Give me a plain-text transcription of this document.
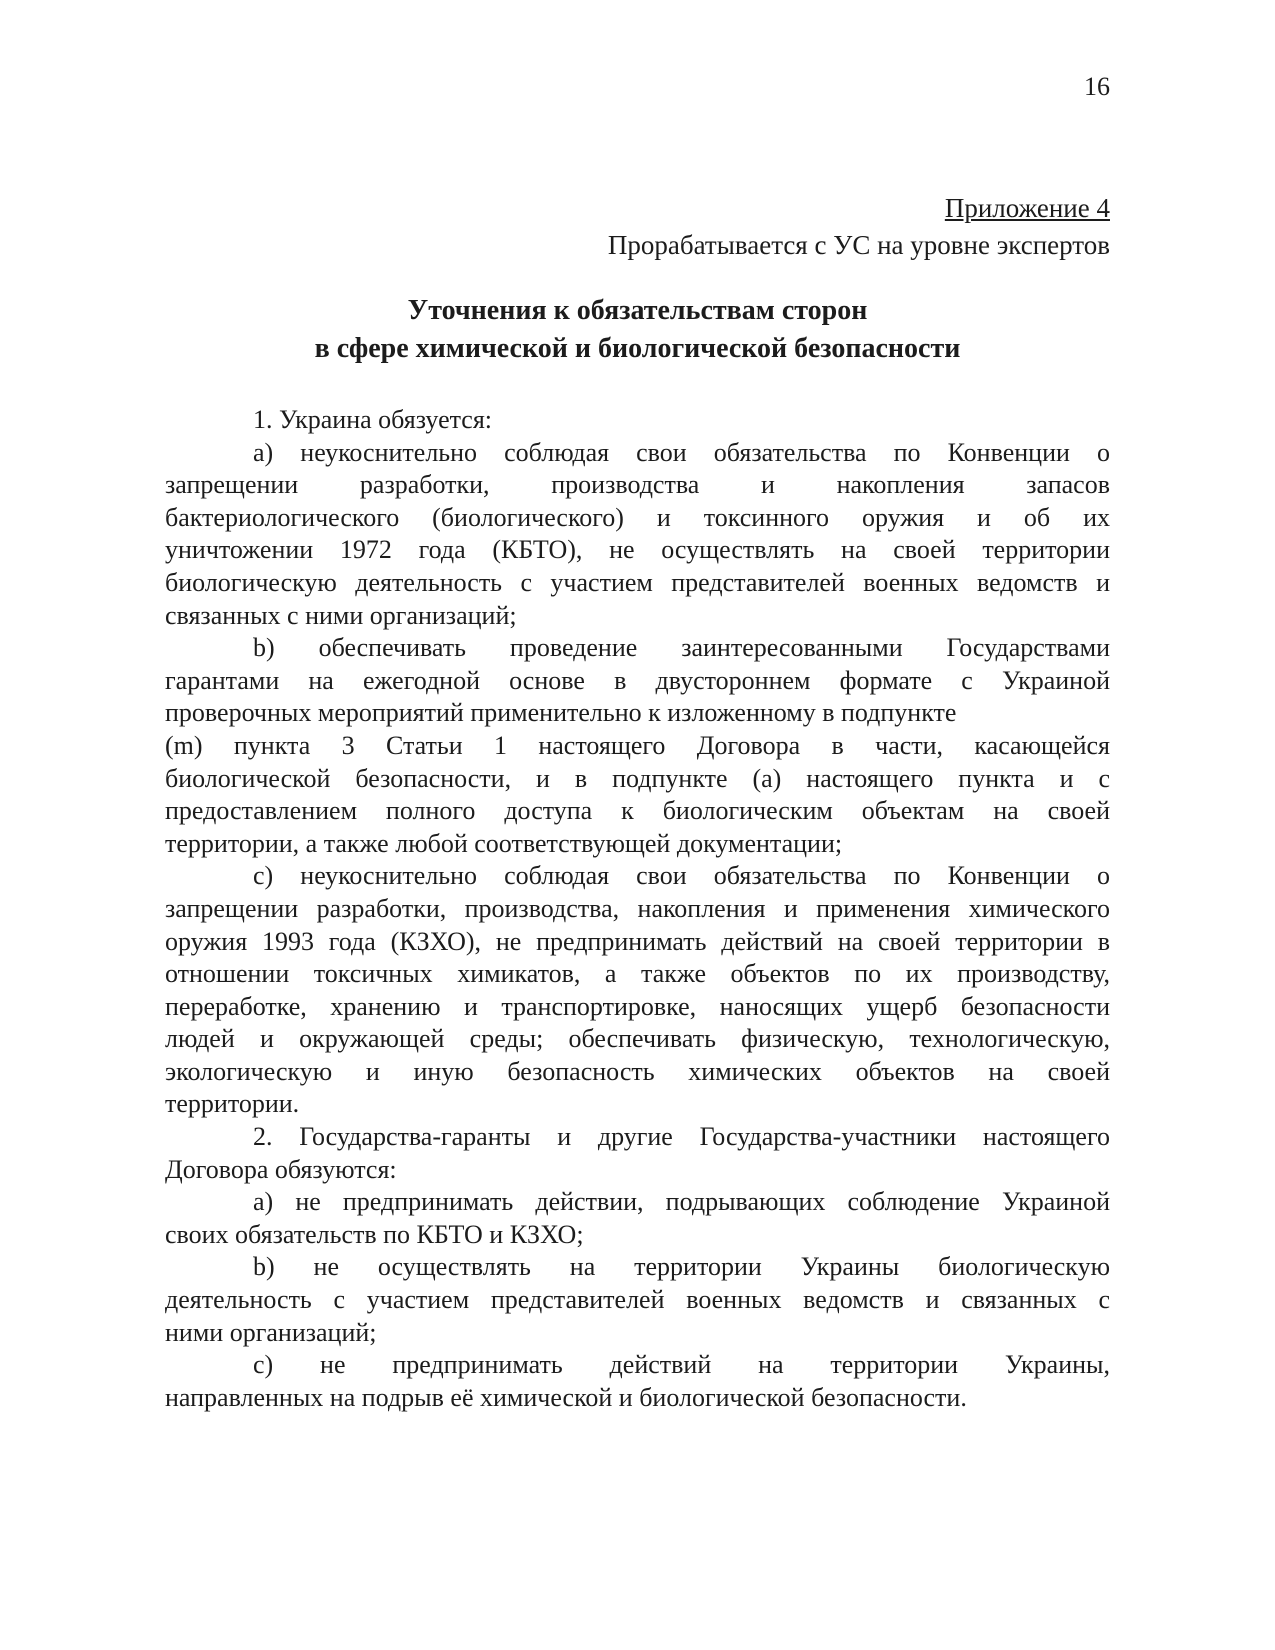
16
Приложение 4
Прорабатывается с УС на уровне экспертов
Уточнения к обязательствам сторон
в сфере химической и биологической безопасности
1. Украина обязуется:
а) неукоснительно соблюдая свои обязательства по Конвенции о
запрещении разработки, производства и накопления запасов
бактериологического (биологического) и токсинного оружия и об их
уничтожении 1972 года (КБТО), не осуществлять на своей территории
биологическую деятельность с участием представителей военных ведомств и
связанных с ними организаций;
b) обеспечивать проведение заинтересованными Государствами
гарантами на ежегодной основе в двустороннем формате с Украиной
проверочных мероприятий применительно к изложенному в подпункте
(m) пункта 3 Статьи 1 настоящего Договора в части, касающейся
биологической безопасности, и в подпункте (а) настоящего пункта и с
предоставлением полного доступа к биологическим объектам на своей
территории, а также любой соответствующей документации;
с) неукоснительно соблюдая свои обязательства по Конвенции о
запрещении разработки, производства, накопления и применения химического
оружия 1993 года (КЗХО), не предпринимать действий на своей территории в
отношении токсичных химикатов, а также объектов по их производству,
переработке, хранению и транспортировке, наносящих ущерб безопасности
людей и окружающей среды; обеспечивать физическую, технологическую,
экологическую и иную безопасность химических объектов на своей
территории.
2. Государства-гаранты и другие Государства-участники настоящего
Договора обязуются:
а) не предпринимать действии, подрывающих соблюдение Украиной
своих обязательств по КБТО и КЗХО;
b) не осуществлять на территории Украины биологическую
деятельность с участием представителей военных ведомств и связанных с
ними организаций;
с) не предпринимать действий на территории Украины,
направленных на подрыв её химической и биологической безопасности.
